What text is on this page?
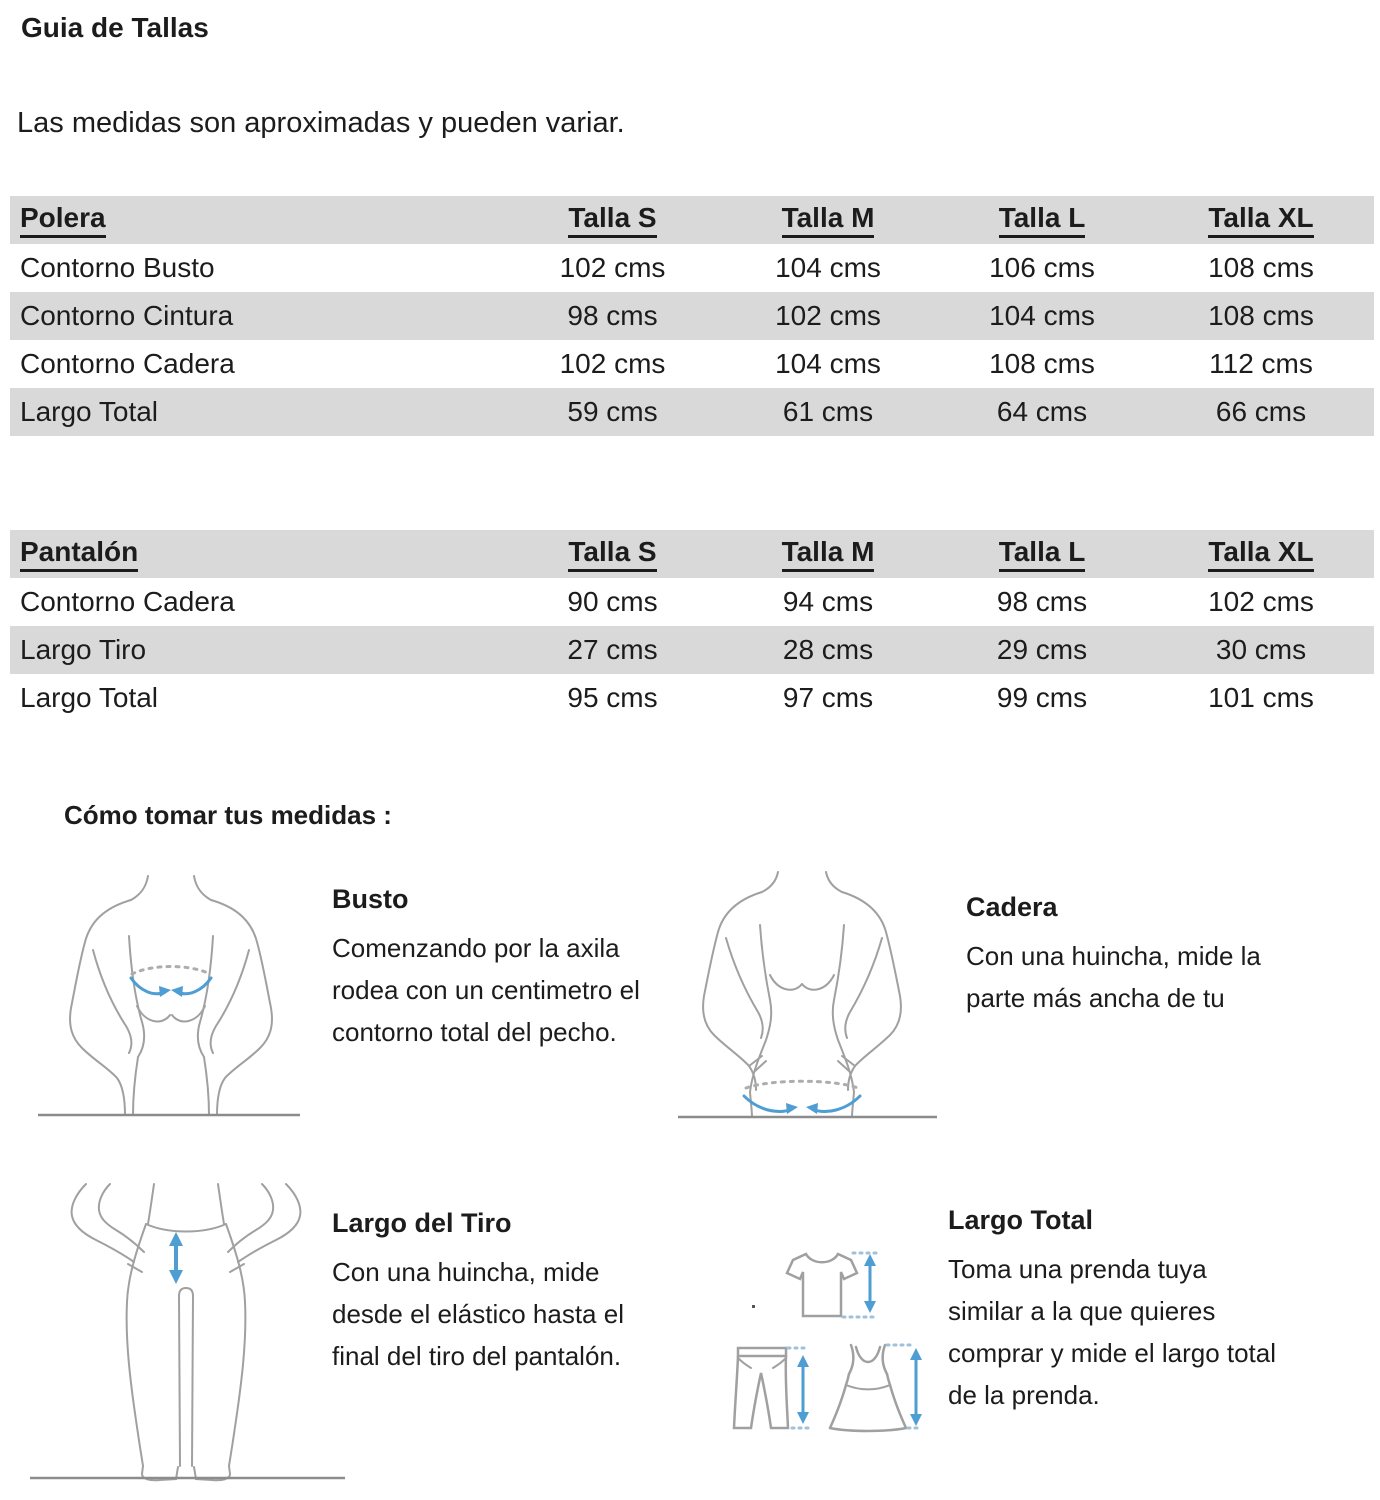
Guia de Tallas
Las medidas son aproximadas y pueden variar.
Polera	Talla S	Talla M	Talla L	Talla XL
Contorno Busto	102 cms	104 cms	106 cms	108 cms
Contorno Cintura	98 cms	102 cms	104 cms	108 cms
Contorno Cadera	102 cms	104 cms	108 cms	112 cms
Largo Total	59 cms	61 cms	64 cms	66 cms
Pantalón	Talla S	Talla M	Talla L	Talla XL
Contorno Cadera	90 cms	94 cms	98 cms	102 cms
Largo Tiro	27 cms	28 cms	29 cms	30 cms
Largo Total	95 cms	97 cms	99 cms	101 cms
Cómo tomar tus medidas :
Busto
Comenzando por la axila
rodea con un centimetro el
contorno total del pecho.
Cadera
Con una huincha, mide la
parte más ancha de tu
Largo del Tiro
Con una huincha, mide
desde el elástico hasta el
final del tiro del pantalón.
Largo Total
Toma una prenda tuya
similar a la que quieres
comprar y mide el largo total
de la prenda.
